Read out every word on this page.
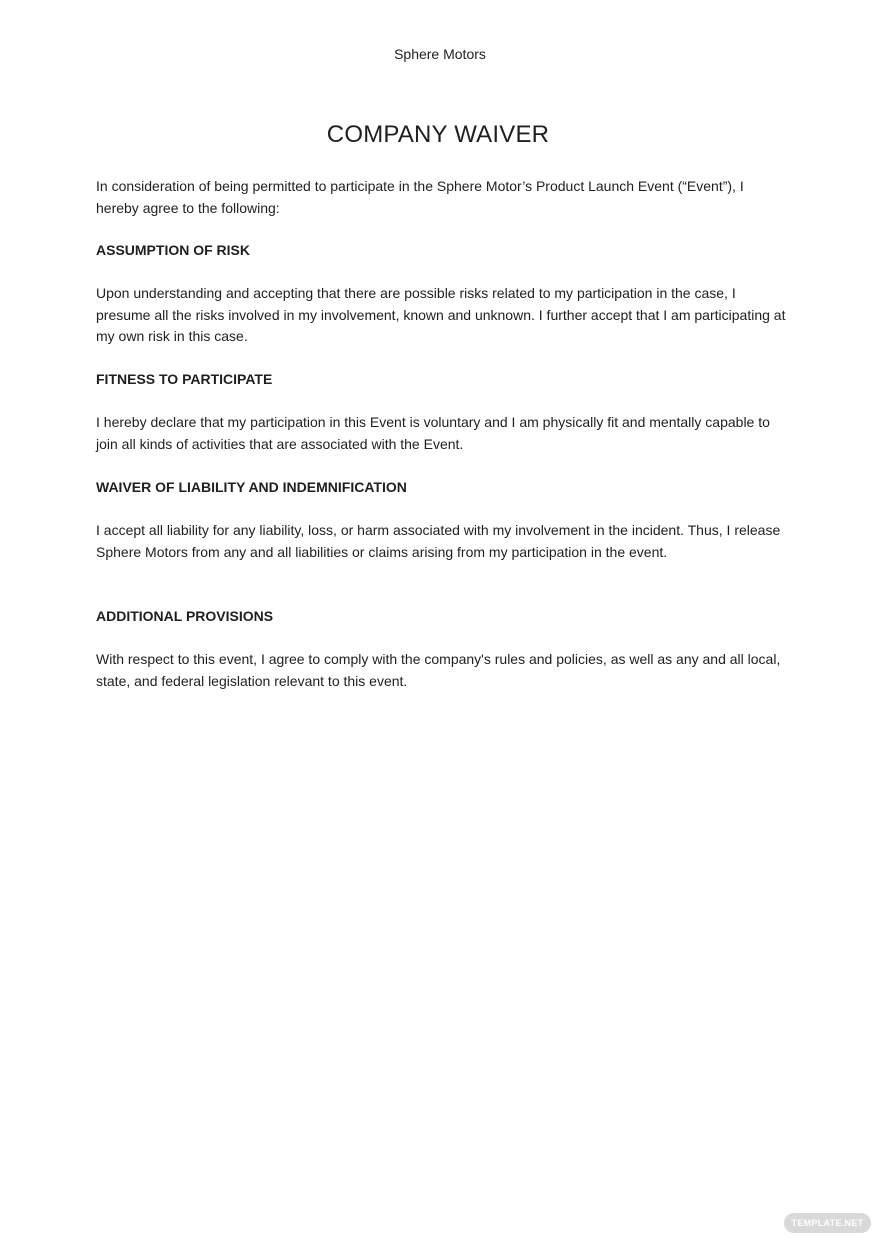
Sphere Motors
COMPANY WAIVER

In consideration of being permitted to participate in the Sphere Motor’s Product Launch Event (“Event”), I hereby agree to the following:

ASSUMPTION OF RISK

Upon understanding and accepting that there are possible risks related to my participation in the case, I presume all the risks involved in my involvement, known and unknown. I further accept that I am participating at my own risk in this case.

FITNESS TO PARTICIPATE

I hereby declare that my participation in this Event is voluntary and I am physically fit and mentally capable to join all kinds of activities that are associated with the Event.

WAIVER OF LIABILITY AND INDEMNIFICATION

I accept all liability for any liability, loss, or harm associated with my involvement in the incident. Thus, I release Sphere Motors from any and all liabilities or claims arising from my participation in the event.

ADDITIONAL PROVISIONS

With respect to this event, I agree to comply with the company's rules and policies, as well as any and all local, state, and federal legislation relevant to this event.

TEMPLATE.NET
